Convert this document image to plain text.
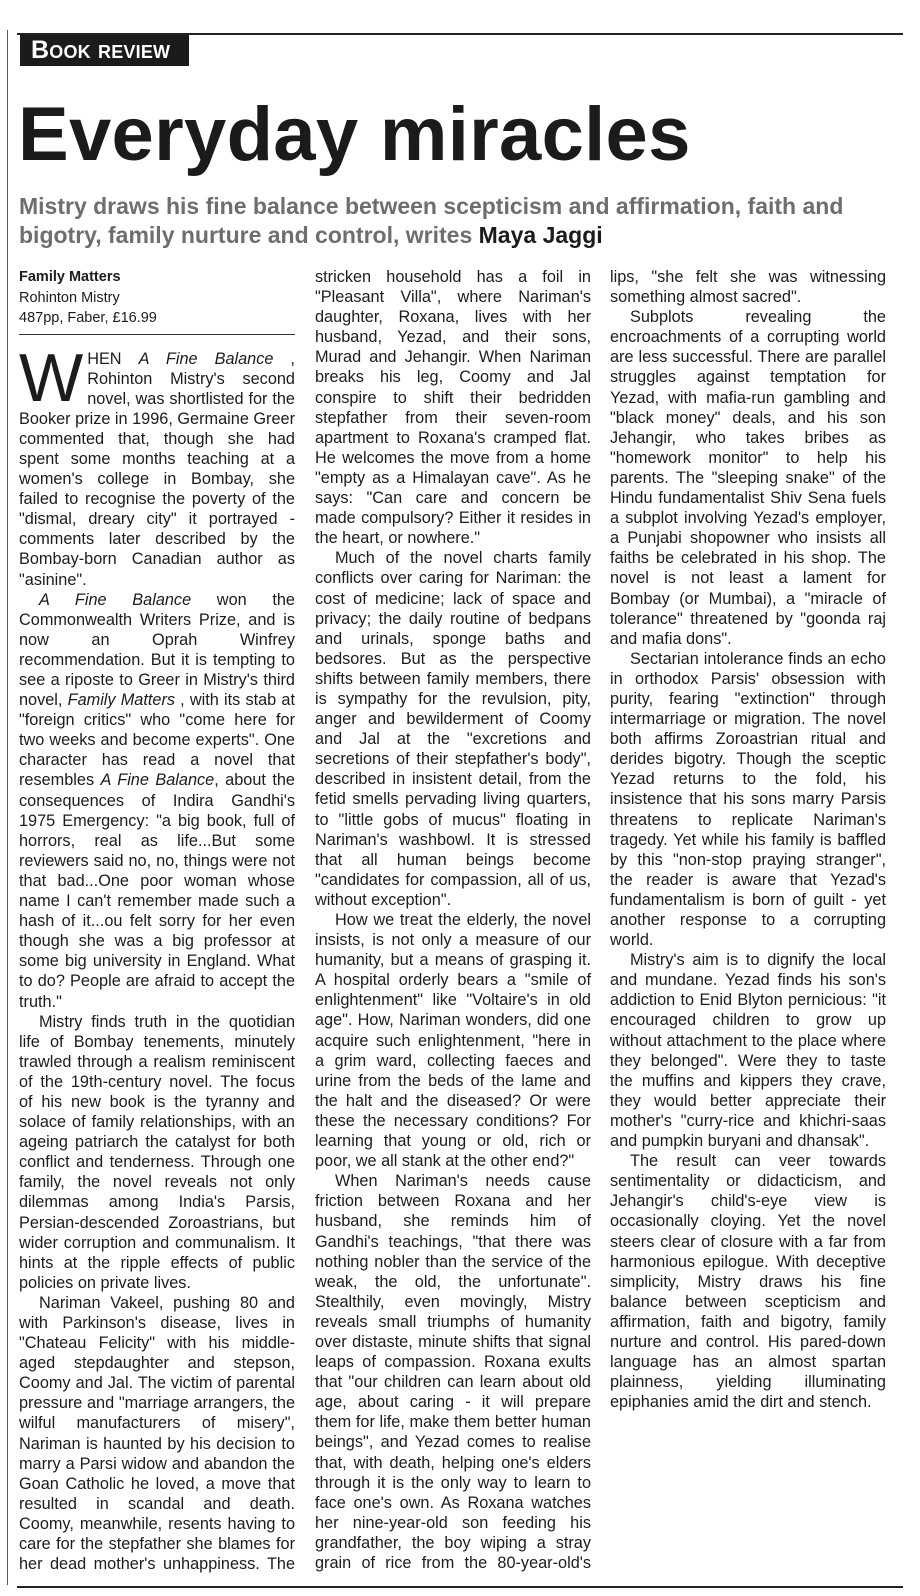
Book review
Everyday miracles

Mistry draws his fine balance between scepticism and affirmation, faith and bigotry, family nurture and control, writes Maya Jaggi

Family Matters
Rohinton Mistry
487pp, Faber, £16.99

WHEN A Fine Balance , Rohinton Mistry's second novel, was shortlisted for the Booker prize in 1996, Germaine Greer commented that, though she had spent some months teaching at a women's college in Bombay, she failed to recognise the poverty of the "dismal, dreary city" it portrayed - comments later described by the Bombay-born Canadian author as "asinine".

A Fine Balance won the Commonwealth Writers Prize, and is now an Oprah Winfrey recommendation. But it is tempting to see a riposte to Greer in Mistry's third novel, Family Matters , with its stab at "foreign critics" who "come here for two weeks and become experts". One character has read a novel that resembles A Fine Balance, about the consequences of Indira Gandhi's 1975 Emergency: "a big book, full of horrors, real as life...But some reviewers said no, no, things were not that bad...One poor woman whose name I can't remember made such a hash of it...ou felt sorry for her even though she was a big professor at some big university in England. What to do? People are afraid to accept the truth."

Mistry finds truth in the quotidian life of Bombay tenements, minutely trawled through a realism reminiscent of the 19th-century novel. The focus of his new book is the tyranny and solace of family relationships, with an ageing patriarch the catalyst for both conflict and tenderness. Through one family, the novel reveals not only dilemmas among India's Parsis, Persian-descended Zoroastrians, but wider corruption and communalism. It hints at the ripple effects of public policies on private lives.

Nariman Vakeel, pushing 80 and with Parkinson's disease, lives in "Chateau Felicity" with his middle-aged stepdaughter and stepson, Coomy and Jal. The victim of parental pressure and "marriage arrangers, the wilful manufacturers of misery", Nariman is haunted by his decision to marry a Parsi widow and abandon the Goan Catholic he loved, a move that resulted in scandal and death. Coomy, meanwhile, resents having to care for the stepfather she blames for her dead mother's unhappiness. The

stricken household has a foil in "Pleasant Villa", where Nariman's daughter, Roxana, lives with her husband, Yezad, and their sons, Murad and Jehangir. When Nariman breaks his leg, Coomy and Jal conspire to shift their bedridden stepfather from their seven-room apartment to Roxana's cramped flat. He welcomes the move from a home "empty as a Himalayan cave". As he says: "Can care and concern be made compulsory? Either it resides in the heart, or nowhere."

Much of the novel charts family conflicts over caring for Nariman: the cost of medicine; lack of space and privacy; the daily routine of bedpans and urinals, sponge baths and bedsores. But as the perspective shifts between family members, there is sympathy for the revulsion, pity, anger and bewilderment of Coomy and Jal at the "excretions and secretions of their stepfather's body", described in insistent detail, from the fetid smells pervading living quarters, to "little gobs of mucus" floating in Nariman's washbowl. It is stressed that all human beings become "candidates for compassion, all of us, without exception".

How we treat the elderly, the novel insists, is not only a measure of our humanity, but a means of grasping it. A hospital orderly bears a "smile of enlightenment" like "Voltaire's in old age". How, Nariman wonders, did one acquire such enlightenment, "here in a grim ward, collecting faeces and urine from the beds of the lame and the halt and the diseased? Or were these the necessary conditions? For learning that young or old, rich or poor, we all stank at the other end?"

When Nariman's needs cause friction between Roxana and her husband, she reminds him of Gandhi's teachings, "that there was nothing nobler than the service of the weak, the old, the unfortunate". Stealthily, even movingly, Mistry reveals small triumphs of humanity over distaste, minute shifts that signal leaps of compassion. Roxana exults that "our children can learn about old age, about caring - it will prepare them for life, make them better human beings", and Yezad comes to realise that, with death, helping one's elders through it is the only way to learn to face one's own. As Roxana watches her nine-year-old son feeding his grandfather, the boy wiping a stray grain of rice from the 80-year-old's

lips, "she felt she was witnessing something almost sacred".

Subplots revealing the encroachments of a corrupting world are less successful. There are parallel struggles against temptation for Yezad, with mafia-run gambling and "black money" deals, and his son Jehangir, who takes bribes as "homework monitor" to help his parents. The "sleeping snake" of the Hindu fundamentalist Shiv Sena fuels a subplot involving Yezad's employer, a Punjabi shopowner who insists all faiths be celebrated in his shop. The novel is not least a lament for Bombay (or Mumbai), a "miracle of tolerance" threatened by "goonda raj and mafia dons".

Sectarian intolerance finds an echo in orthodox Parsis' obsession with purity, fearing "extinction" through intermarriage or migration. The novel both affirms Zoroastrian ritual and derides bigotry. Though the sceptic Yezad returns to the fold, his insistence that his sons marry Parsis threatens to replicate Nariman's tragedy. Yet while his family is baffled by this "non-stop praying stranger", the reader is aware that Yezad's fundamentalism is born of guilt - yet another response to a corrupting world.

Mistry's aim is to dignify the local and mundane. Yezad finds his son's addiction to Enid Blyton pernicious: "it encouraged children to grow up without attachment to the place where they belonged". Were they to taste the muffins and kippers they crave, they would better appreciate their mother's "curry-rice and khichri-saas and pumpkin buryani and dhansak".

The result can veer towards sentimentality or didacticism, and Jehangir's child's-eye view is occasionally cloying. Yet the novel steers clear of closure with a far from harmonious epilogue. With deceptive simplicity, Mistry draws his fine balance between scepticism and affirmation, faith and bigotry, family nurture and control. His pared-down language has an almost spartan plainness, yielding illuminating epiphanies amid the dirt and stench.
